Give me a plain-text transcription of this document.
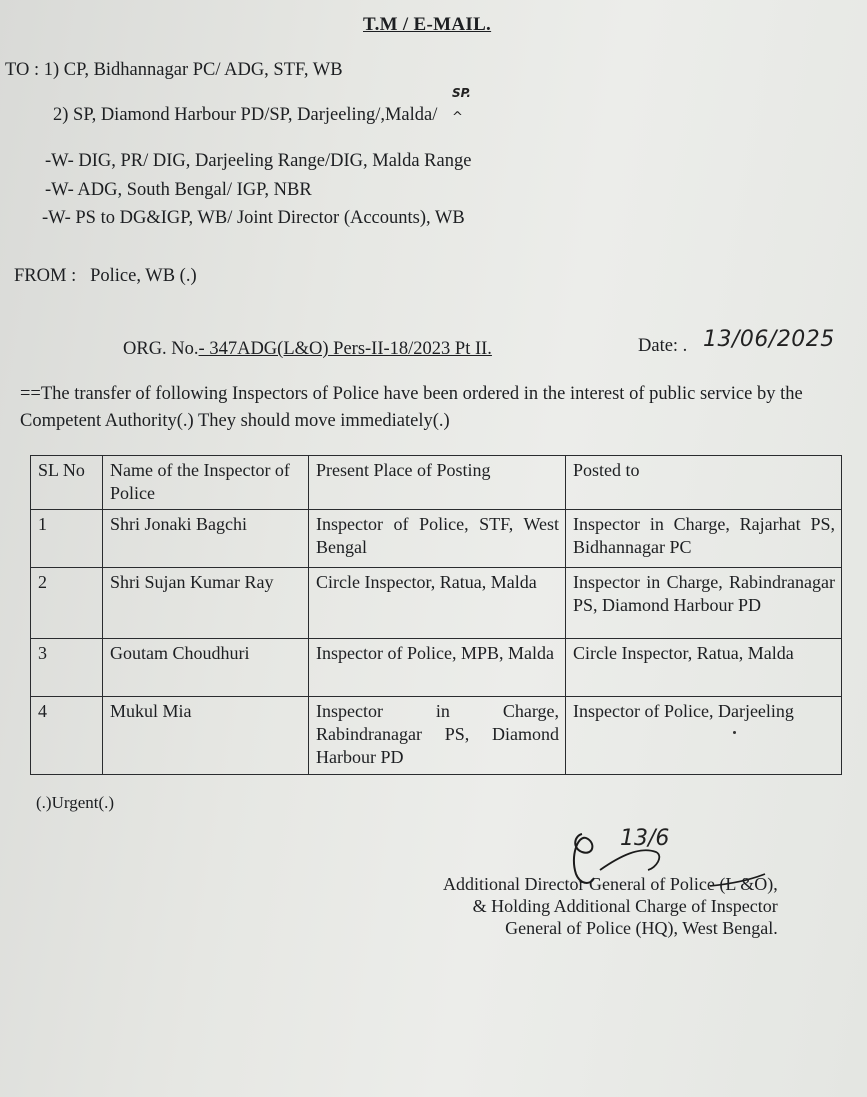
T.M / E-MAIL.
TO : 1) CP, Bidhannagar PC/ ADG, STF, WB
SP.
^
2) SP, Diamond Harbour PD/SP, Darjeeling/,Malda/
-W- DIG, PR/ DIG, Darjeeling Range/DIG, Malda Range
-W- ADG, South Bengal/ IGP, NBR
-W- PS to DG&IGP, WB/ Joint Director (Accounts), WB
FROM : Police, WB (.)
ORG. No.- 347ADG(L&O) Pers-II-18/2023 Pt II.	Date: . 13/06/2025
==The transfer of following Inspectors of Police have been ordered in the interest of public service by the Competent Authority(.) They should move immediately(.)
SL No	Name of the Inspector of Police	Present Place of Posting	Posted to
1	Shri Jonaki Bagchi	Inspector of Police, STF, West Bengal	Inspector in Charge, Rajarhat PS, Bidhannagar PC
2	Shri Sujan Kumar Ray	Circle Inspector, Ratua, Malda	Inspector in Charge, Rabindranagar PS, Diamond Harbour PD
3	Goutam Choudhuri	Inspector of Police, MPB, Malda	Circle Inspector, Ratua, Malda
4	Mukul Mia	Inspector in Charge, Rabindranagar PS, Diamond Harbour PD	Inspector of Police, Darjeeling
(.)Urgent(.)
13/6
Additional Director General of Police (L &O),
& Holding Additional Charge of Inspector
General of Police (HQ), West Bengal.
